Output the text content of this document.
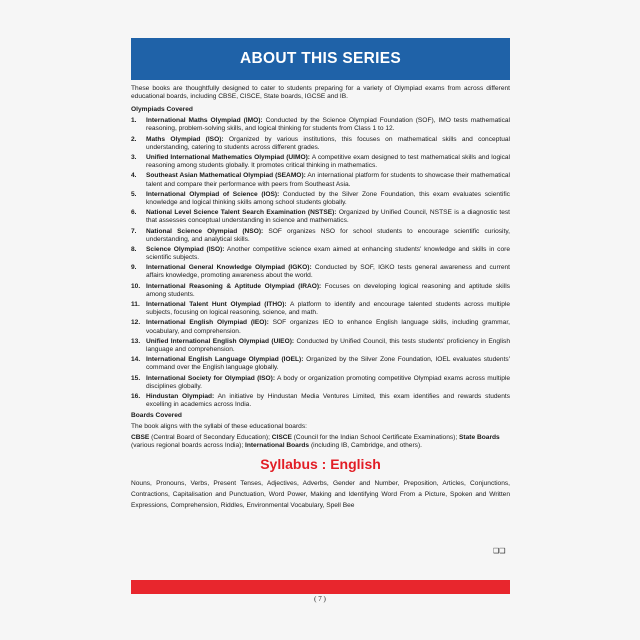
ABOUT THIS SERIES

These books are thoughtfully designed to cater to students preparing for a variety of Olympiad exams from across different educational boards, including CBSE, CISCE, State boards, IGCSE and IB.

Olympiads Covered
1.	International Maths Olympiad (IMO): Conducted by the Science Olympiad Foundation (SOF), IMO tests mathematical reasoning, problem-solving skills, and logical thinking for students from Class 1 to 12.
2.	Maths Olympiad (ISO): Organized by various institutions, this focuses on mathematical skills and conceptual understanding, catering to students across different grades.
3.	Unified International Mathematics Olympiad (UIMO): A competitive exam designed to test mathematical skills and logical reasoning among students globally. It promotes critical thinking in mathematics.
4.	Southeast Asian Mathematical Olympiad (SEAMO): An international platform for students to showcase their mathematical talent and compare their performance with peers from Southeast Asia.
5.	International Olympiad of Science (IOS): Conducted by the Silver Zone Foundation, this exam evaluates scientific knowledge and logical thinking skills among school students globally.
6.	National Level Science Talent Search Examination (NSTSE): Organized by Unified Council, NSTSE is a diagnostic test that assesses conceptual understanding in science and mathematics.
7.	National Science Olympiad (NSO): SOF organizes NSO for school students to encourage scientific curiosity, understanding, and analytical skills.
8.	Science Olympiad (ISO): Another competitive science exam aimed at enhancing students' knowledge and skills in core scientific subjects.
9.	International General Knowledge Olympiad (IGKO): Conducted by SOF, IGKO tests general awareness and current affairs knowledge, promoting awareness about the world.
10. International Reasoning & Aptitude Olympiad (IRAO): Focuses on developing logical reasoning and aptitude skills among students.
11. International Talent Hunt Olympiad (ITHO): A platform to identify and encourage talented students across multiple subjects, focusing on logical reasoning, science, and math.
12. International English Olympiad (IEO): SOF organizes IEO to enhance English language skills, including grammar, vocabulary, and comprehension.
13. Unified International English Olympiad (UIEO): Conducted by Unified Council, this tests students' proficiency in English language and comprehension.
14. International English Language Olympiad (IOEL): Organized by the Silver Zone Foundation, IOEL evaluates students' command over the English language globally.
15. International Society for Olympiad (ISO): A body or organization promoting competitive Olympiad exams across multiple disciplines globally.
16. Hindustan Olympiad: An initiative by Hindustan Media Ventures Limited, this exam identifies and rewards students excelling in academics across India.
Boards Covered

The book aligns with the syllabi of these educational boards:

CBSE (Central Board of Secondary Education); CISCE (Council for the Indian School Certificate Examinations); State Boards (various regional boards across India); International Boards (including IB, Cambridge, and others).

Syllabus : English

Nouns, Pronouns, Verbs, Present Tenses, Adjectives, Adverbs, Gender and Number, Preposition, Articles, Conjunctions, Contractions, Capitalisation and Punctuation, Word Power, Making and Identifying Word From a Picture, Spoken and Written Expressions, Comprehension, Riddles, Environmental Vocabulary, Spell Bee

❑❑
( 7 )
